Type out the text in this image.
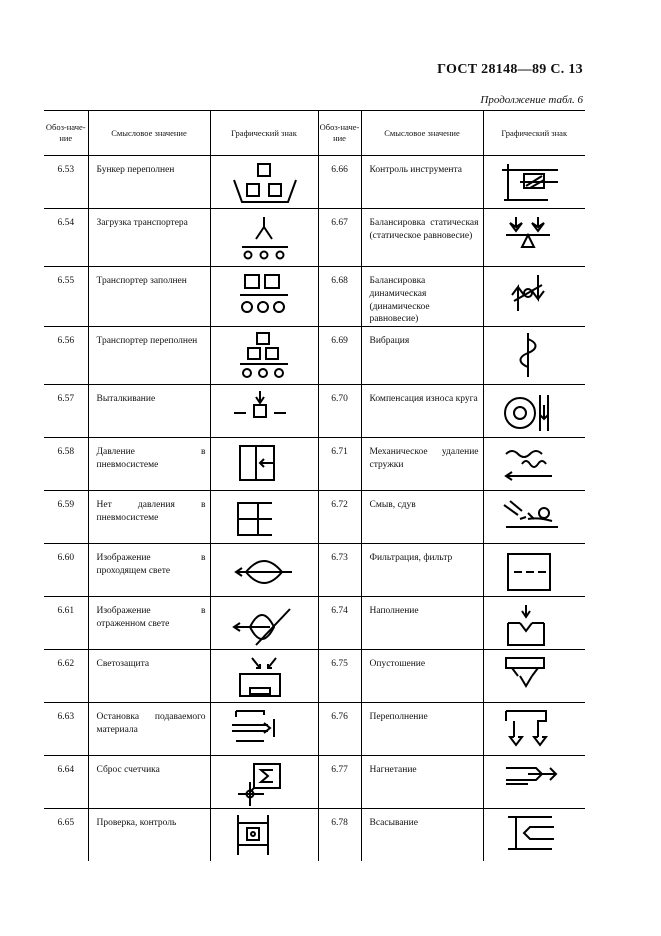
ГОСТ 28148—89 С. 13
Продолжение табл. 6
Обоз-наче-ние	Смысловое значение	Графический знак	Обоз-наче-ние	Смысловое значение	Графический знак
6.53	Бункер переполнен		6.66	Контроль инструмента	

6.54	Загрузка транспортера		6.67	Балансировка статическая (статическое равновесие)	

6.55	Транспортер заполнен		6.68	Балансировка динамическая (динамическое равновесие)	

6.56	Транспортер переполнен		6.69	Вибрация	

6.57	Выталкивание		6.70	Компенсация износа круга	

6.58	Давление в пневмосистеме		6.71	Механическое удаление стружки	

6.59	Нет давления в пневмосистеме		6.72	Смыв, сдув	

6.60	Изображение в проходящем свете		6.73	Фильтрация, фильтр	

6.61	Изображение в отраженном свете		6.74	Наполнение	

6.62	Светозащита		6.75	Опустошение	

6.63	Остановка подаваемого материала		6.76	Переполнение	

6.64	Сброс счетчика		6.77	Нагнетание	

6.65	Проверка, контроль		6.78	Всасывание	
